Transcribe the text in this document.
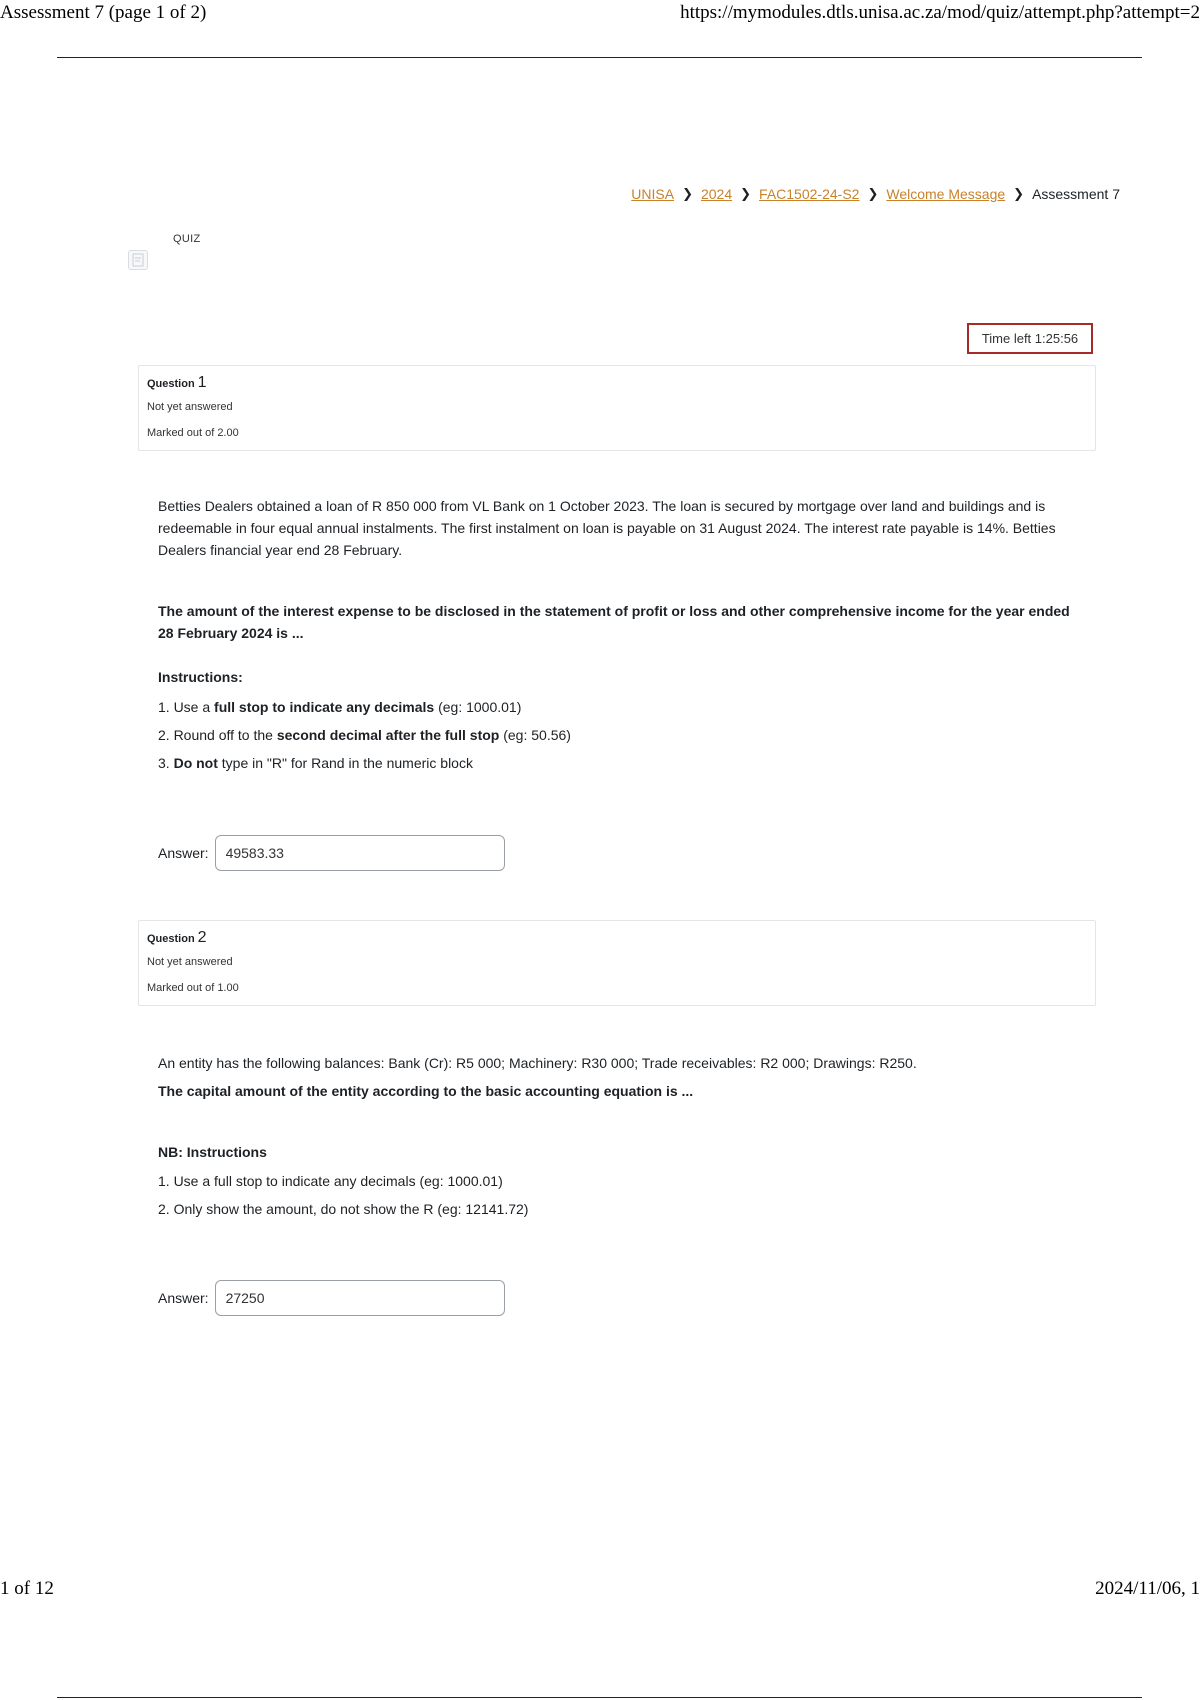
Assessment 7 (page 1 of 2)	https://mymodules.dtls.unisa.ac.za/mod/quiz/attempt.php?attempt=2
UNISA ❯ 2024 ❯ FAC1502-24-S2 ❯ Welcome Message ❯ Assessment 7
QUIZ
Time left 1:25:56
Question 1
Not yet answered
Marked out of 2.00
Betties Dealers obtained a loan of R 850 000 from VL Bank on 1 October 2023. The loan is secured by mortgage over land and buildings and is redeemable in four equal annual instalments. The first instalment on loan is payable on 31 August 2024. The interest rate payable is 14%. Betties Dealers financial year end 28 February.
The amount of the interest expense to be disclosed in the statement of profit or loss and other comprehensive income for the year ended 28 February 2024 is ...
Instructions:
1. Use a full stop to indicate any decimals (eg: 1000.01)
2. Round off to the second decimal after the full stop (eg: 50.56)
3. Do not type in "R" for Rand in the numeric block
Answer:
49583.33
Question 2
Not yet answered
Marked out of 1.00
An entity has the following balances: Bank (Cr): R5 000; Machinery: R30 000; Trade receivables: R2 000; Drawings: R250.
The capital amount of the entity according to the basic accounting equation is ...
NB: Instructions
1. Use a full stop to indicate any decimals (eg: 1000.01)
2. Only show the amount, do not show the R (eg: 12141.72)
Answer:
27250
1 of 12	2024/11/06, 1
